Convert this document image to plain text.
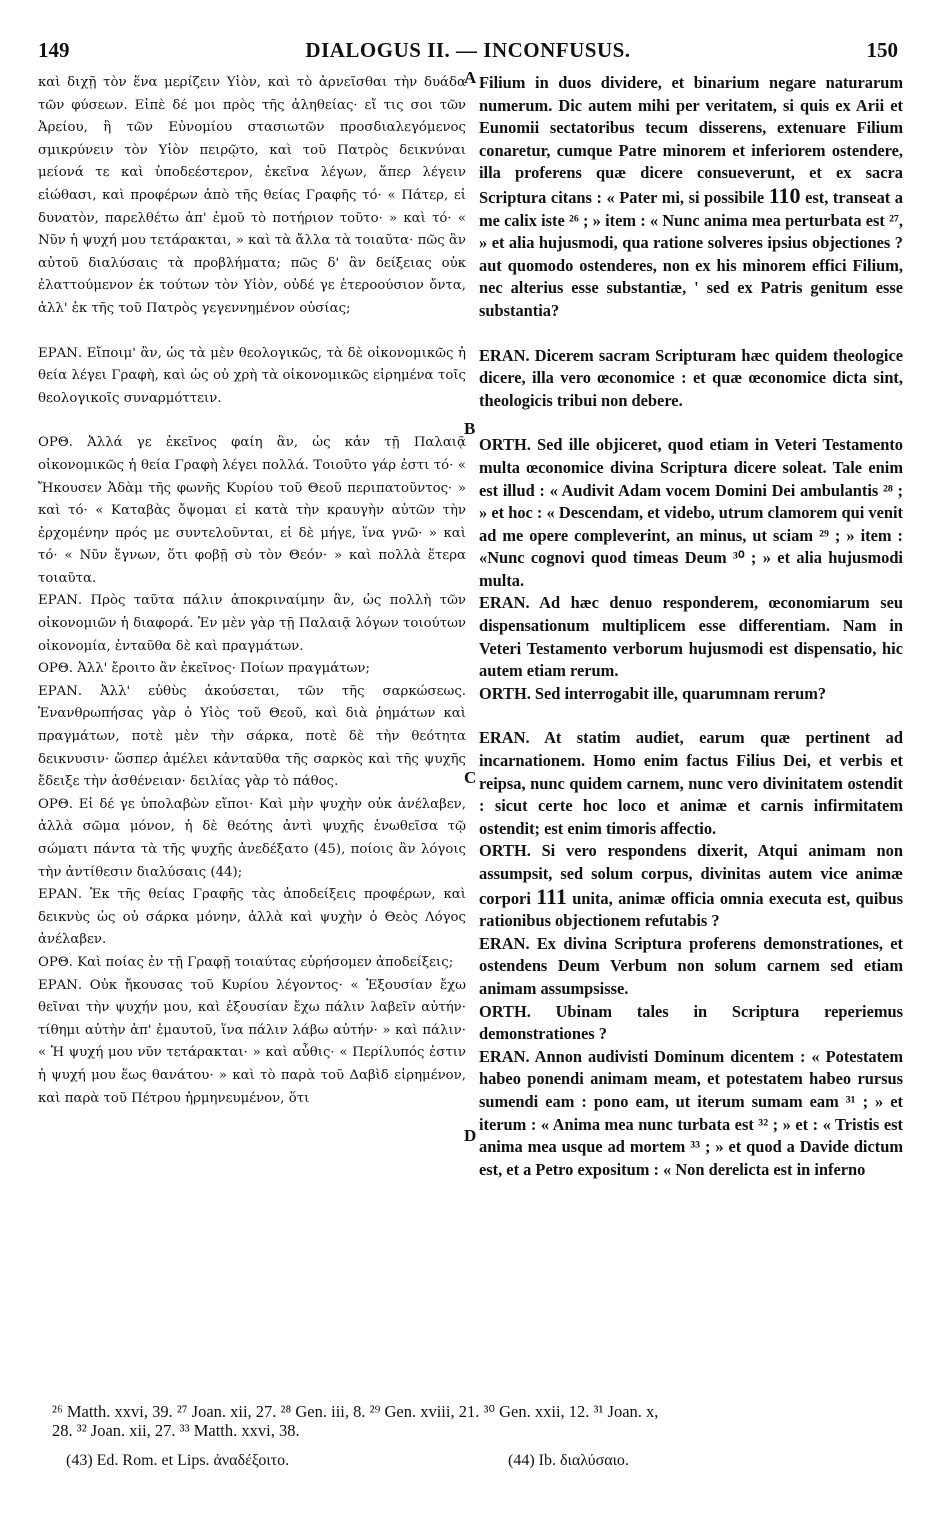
149	DIALOGUS II. — INCONFUSUS.	150
A
B
C
D
καὶ διχῇ τὸν ἕνα μερίζειν Υἱὸν, καὶ τὸ ἀρνεῖσθαι τὴν δυάδα τῶν φύσεων. Εἰπὲ δέ μοι πρὸς τῆς ἀληθείας· εἴ τις σοι τῶν Ἀρείου, ἢ τῶν Εὐνομίου στασιωτῶν προσδιαλεγόμενος σμικρύνειν τὸν Υἱὸν πειρῷτο, καὶ τοῦ Πατρὸς δεικνύναι μείονά τε καὶ ὑποδεέστερον, ἐκεῖνα λέγων, ἅπερ λέγειν εἰώθασι, καὶ προφέρων ἀπὸ τῆς θείας Γραφῆς τό· « Πάτερ, εἰ δυνατὸν, παρελθέτω ἀπ' ἐμοῦ τὸ ποτήριον τοῦτο· » καὶ τό· « Νῦν ἡ ψυχή μου τετάρακται, » καὶ τὰ ἄλλα τὰ τοιαῦτα· πῶς ἂν αὐτοῦ διαλύσαις τὰ προβλήματα; πῶς δ' ἂν δείξειας οὐκ ἐλαττούμενον ἐκ τούτων τὸν Υἱὸν, οὐδέ γε ἑτεροούσιον ὄντα, ἀλλ' ἐκ τῆς τοῦ Πατρὸς γεγεννημένον οὐσίας;
ΕΡΑΝ. Εἴποιμ' ἂν, ὡς τὰ μὲν θεολογικῶς, τὰ δὲ οἰκονομικῶς ἡ θεία λέγει Γραφὴ, καὶ ὡς οὐ χρὴ τὰ οἰκονομικῶς εἰρημένα τοῖς θεολογικοῖς συναρμόττειν.
ΟΡΘ. Ἀλλά γε ἐκεῖνος φαίη ἂν, ὡς κἀν τῇ Παλαιᾷ οἰκονομικῶς ἡ θεία Γραφὴ λέγει πολλά. Τοιοῦτο γάρ ἐστι τό· « Ἤκουσεν Ἀδὰμ τῆς φωνῆς Κυρίου τοῦ Θεοῦ περιπατοῦντος· » καὶ τό· « Καταβὰς ὄψομαι εἰ κατὰ τὴν κραυγὴν αὐτῶν τὴν ἐρχομένην πρός με συντελοῦνται, εἰ δὲ μήγε, ἵνα γνῶ· » καὶ τό· « Νῦν ἔγνων, ὅτι φοβῇ σὺ τὸν Θεόν· » καὶ πολλὰ ἕτερα τοιαῦτα.
ΕΡΑΝ. Πρὸς ταῦτα πάλιν ἀποκριναίμην ἂν, ὡς πολλὴ τῶν οἰκονομιῶν ἡ διαφορά. Ἐν μὲν γὰρ τῇ Παλαιᾷ λόγων τοιούτων οἰκονομία, ἐνταῦθα δὲ καὶ πραγμάτων.
ΟΡΘ. Ἀλλ' ἔροιτο ἂν ἐκεῖνος· Ποίων πραγμάτων;
ΕΡΑΝ. Ἀλλ' εὐθὺς ἀκούσεται, τῶν τῆς σαρκώσεως. Ἐνανθρωπήσας γὰρ ὁ Υἱὸς τοῦ Θεοῦ, καὶ διὰ ῥημάτων καὶ πραγμάτων, ποτὲ μὲν τὴν σάρκα, ποτὲ δὲ τὴν θεότητα δεικνυσιν· ὥσπερ ἀμέλει κἀνταῦθα τῆς σαρκὸς καὶ τῆς ψυχῆς ἔδειξε τὴν ἀσθένειαν· δειλίας γὰρ τὸ πάθος.
ΟΡΘ. Εἰ δέ γε ὑπολαβὼν εἴποι· Καὶ μὴν ψυχὴν οὐκ ἀνέλαβεν, ἀλλὰ σῶμα μόνον, ἡ δὲ θεότης ἀντὶ ψυχῆς ἑνωθεῖσα τῷ σώματι πάντα τὰ τῆς ψυχῆς ἀνεδέξατο (45), ποίοις ἂν λόγοις τὴν ἀντίθεσιν διαλύσαις (44);
ΕΡΑΝ. Ἐκ τῆς θείας Γραφῆς τὰς ἀποδείξεις προφέρων, καὶ δεικνὺς ὡς οὐ σάρκα μόνην, ἀλλὰ καὶ ψυχὴν ὁ Θεὸς Λόγος ἀνέλαβεν.
ΟΡΘ. Καὶ ποίας ἐν τῇ Γραφῇ τοιαύτας εὑρήσομεν ἀποδείξεις;
ΕΡΑΝ. Οὐκ ἤκουσας τοῦ Κυρίου λέγοντος· « Ἐξουσίαν ἔχω θεῖναι τὴν ψυχήν μου, καὶ ἐξουσίαν ἔχω πάλιν λαβεῖν αὐτήν· τίθημι αὐτὴν ἀπ' ἐμαυτοῦ, ἵνα πάλιν λάβω αὐτήν· » καὶ πάλιν· « Ἡ ψυχή μου νῦν τετάρακται· » καὶ αὖθις· « Περίλυπός ἐστιν ἡ ψυχή μου ἕως θανάτου· » καὶ τὸ παρὰ τοῦ Δαβὶδ εἰρημένον, καὶ παρὰ τοῦ Πέτρου ἡρμηνευμένον, ὅτι
Filium in duos dividere, et binarium negare naturarum numerum. Dic autem mihi per veritatem, si quis ex Arii et Eunomii sectatoribus tecum disserens, extenuare Filium conaretur, cumque Patre minorem et inferiorem ostendere, illa proferens quæ dicere consueverunt, et ex sacra Scriptura citans : « Pater mi, si possibile 110 est, transeat a me calix iste ²⁶ ; » item : « Nunc anima mea perturbata est ²⁷, » et alia hujusmodi, qua ratione solveres ipsius objectiones ? aut quomodo ostenderes, non ex his minorem effici Filium, nec alterius esse substantiæ, ' sed ex Patris genitum esse substantia?
ERAN. Dicerem sacram Scripturam hæc quidem theologice dicere, illa vero œconomice : et quæ œconomice dicta sint, theologicis tribui non debere.
ORTH. Sed ille objiceret, quod etiam in Veteri Testamento multa œconomice divina Scriptura dicere soleat. Tale enim est illud : « Audivit Adam vocem Domini Dei ambulantis ²⁸ ; » et hoc : « Descendam, et videbo, utrum clamorem qui venit ad me opere compleverint, an minus, ut sciam ²⁹ ; » item : «Nunc cognovi quod timeas Deum ³⁰ ; » et alia hujusmodi multa.
ERAN. Ad hæc denuo responderem, œconomiarum seu dispensationum multiplicem esse differentiam. Nam in Veteri Testamento verborum hujusmodi est dispensatio, hic autem etiam rerum.
ORTH. Sed interrogabit ille, quarumnam rerum?
ERAN. At statim audiet, earum quæ pertinent ad incarnationem. Homo enim factus Filius Dei, et verbis et reipsa, nunc quidem carnem, nunc vero divinitatem ostendit : sicut certe hoc loco et animæ et carnis infirmitatem ostendit; est enim timoris affectio.
ORTH. Si vero respondens dixerit, Atqui animam non assumpsit, sed solum corpus, divinitas autem vice animæ corpori 111 unita, animæ officia omnia executa est, quibus rationibus objectionem refutabis ?
ERAN. Ex divina Scriptura proferens demonstrationes, et ostendens Deum Verbum non solum carnem sed etiam animam assumpsisse.
ORTH. Ubinam tales in Scriptura reperiemus demonstrationes ?
ERAN. Annon audivisti Dominum dicentem : « Potestatem habeo ponendi animam meam, et potestatem habeo rursus sumendi eam : pono eam, ut iterum sumam eam ³¹ ; » et iterum : « Anima mea nunc turbata est ³² ; » et : « Tristis est anima mea usque ad mortem ³³ ; » et quod a Davide dictum est, et a Petro expositum : « Non derelicta est in inferno
²⁶ Matth. xxvi, 39. ²⁷ Joan. xii, 27. ²⁸ Gen. iii, 8. ²⁹ Gen. xviii, 21. ³⁰ Gen. xxii, 12. ³¹ Joan. x,
28. ³² Joan. xii, 27. ³³ Matth. xxvi, 38.
(43) Ed. Rom. et Lips. ἀναδέξοιτο.	(44) Ib. διαλύσαιο.
